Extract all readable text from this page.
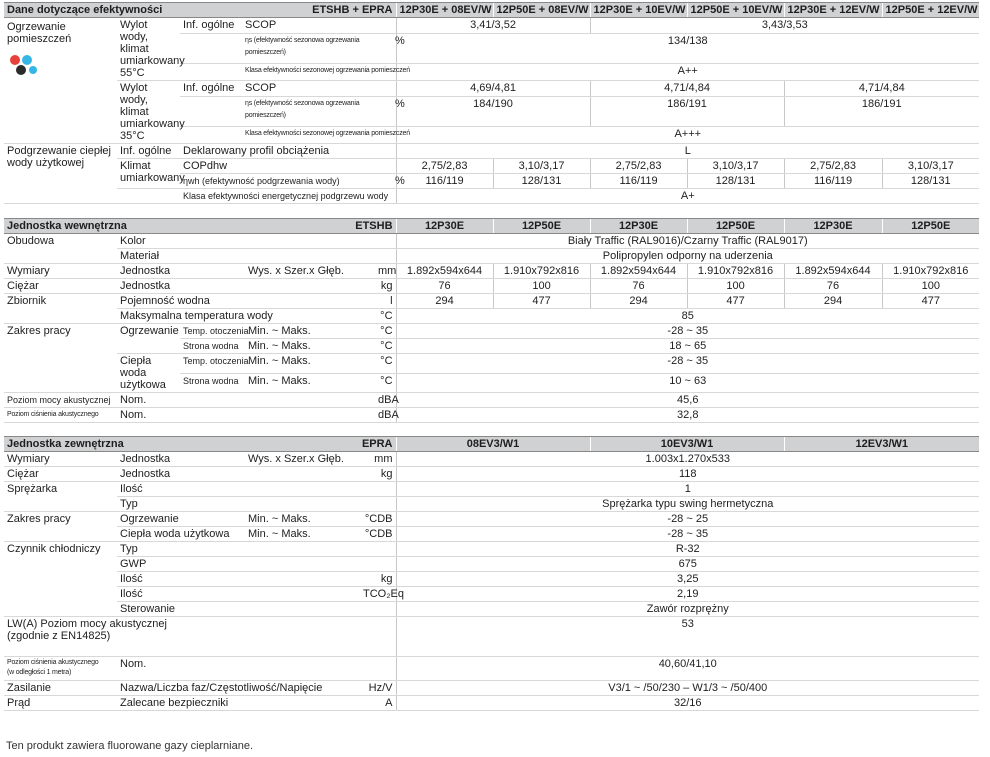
Dane dotyczące efektywności			ETSHB + EPRA		12P30E + 08EV/W	12P50E + 08EV/W	12P30E + 10EV/W	12P50E + 10EV/W	12P30E + 12EV/W	12P50E + 12EV/W
Ogrzewanie pomieszczeń	Wylot wody, klimat umiarkowany 55°C	Inf. ogólne	SCOP		3,41/3,52		3,43/3,53			
			ηs (efektywność sezonowa ogrzewania pomieszczeń)	%	134/138					
			Klasa efektywności sezonowej ogrzewania pomieszczeń		A++					
	Wylot wody, klimat umiarkowany 35°C	Inf. ogólne	SCOP		4,69/4,81		4,71/4,84		4,71/4,84	
			ηs (efektywność sezonowa ogrzewania pomieszczeń)	%	184/190		186/191		186/191	
			Klasa efektywności sezonowej ogrzewania pomieszczeń		A+++					
Podgrzewanie ciepłej wody użytkowej	Inf. ogólne	Deklarowany profil obciążenia			L					
	Klimat umiarkowany	COPdhw			2,75/2,83	3,10/3,17	2,75/2,83	3,10/3,17	2,75/2,83	3,10/3,17
		ηwh (efektywność podgrzewania wody)		%	116/119	128/131	116/119	128/131	116/119	128/131
		Klasa efektywności energetycznej podgrzewu wody			A+					
Jednostka wewnętrzna			ETSHB		12P30E	12P50E	12P30E	12P50E	12P30E	12P50E
Obudowa	Kolor				Biały Traffic (RAL9016)/Czarny Traffic (RAL9017)					
	Materiał				Polipropylen odporny na uderzenia					
Wymiary	Jednostka		Wys. x Szer.x Głęb.	mm	1.892x594x644	1.910x792x816	1.892x594x644	1.910x792x816	1.892x594x644	1.910x792x816
Ciężar	Jednostka			kg	76	100	76	100	76	100
Zbiornik	Pojemność wodna			l	294	477	294	477	294	477
	Maksymalna temperatura wody			°C	85					
Zakres pracy	Ogrzewanie	Temp. otoczenia	Min. ~ Maks.	°C	-28 ~ 35					
		Strona wodna	Min. ~ Maks.	°C	18 ~ 65					
	Ciepła woda użytkowa	Temp. otoczenia	Min. ~ Maks.	°C	-28 ~ 35					
		Strona wodna	Min. ~ Maks.	°C	10 ~ 63					
Poziom mocy akustycznej	Nom.			dBA	45,6					
Poziom ciśnienia akustycznego	Nom.			dBA	32,8					
Jednostka zewnętrzna			EPRA		08EV3/W1	10EV3/W1	12EV3/W1
Wymiary	Jednostka		Wys. x Szer.x Głęb.	mm	1.003x1.270x533		
Ciężar	Jednostka			kg	118		
Sprężarka	Ilość				1		
	Typ				Sprężarka typu swing hermetyczna		
Zakres pracy	Ogrzewanie		Min. ~ Maks.	°CDB	-28 ~ 25		
	Ciepła woda użytkowa		Min. ~ Maks.	°CDB	-28 ~ 35		
Czynnik chłodniczy	Typ				R-32		
	GWP				675		
	Ilość			kg	3,25		
	Ilość			TCO₂Eq	2,19		
	Sterowanie				Zawór rozprężny		
LW(A) Poziom mocy akustycznej (zgodnie z EN14825)					53		
Poziom ciśnienia akustycznego
(w odległości 1 metra)	Nom.				40,60/41,10		
Zasilanie	Nazwa/Liczba faz/Częstotliwość/Napięcie			Hz/V	V3/1 ~ /50/230 – W1/3 ~ /50/400		
Prąd	Zalecane bezpieczniki			A	32/16		
Ten produkt zawiera fluorowane gazy cieplarniane.
